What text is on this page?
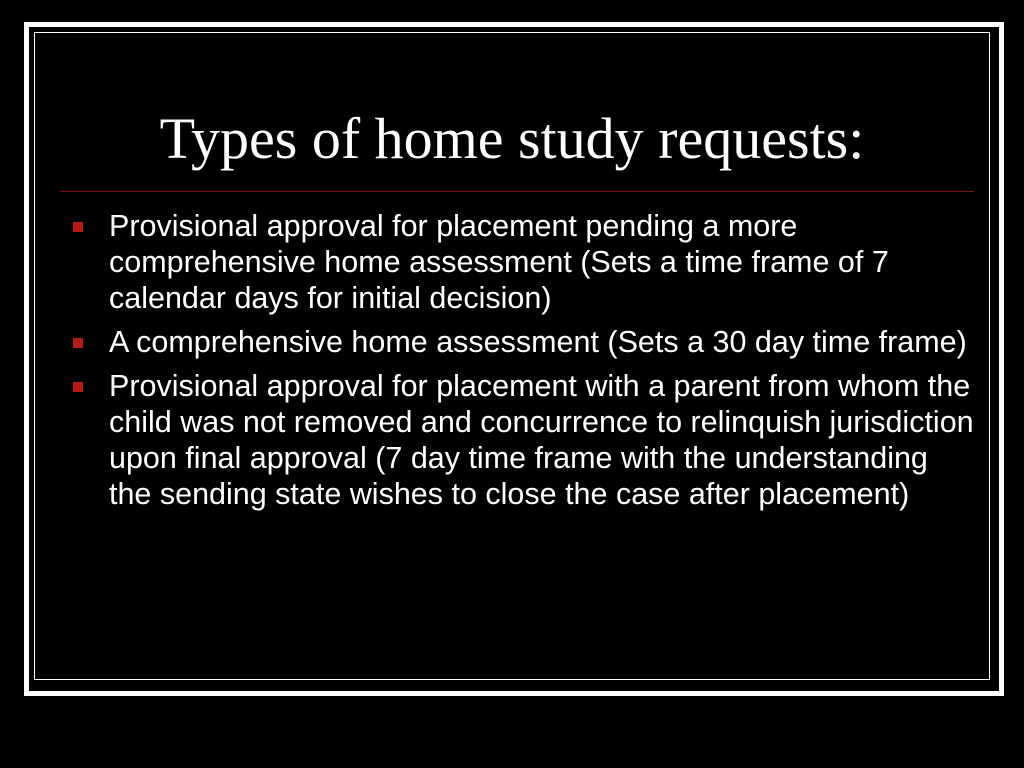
Types of home study requests:
Provisional approval for placement pending a more comprehensive home assessment (Sets a time frame of 7 calendar days for initial decision)
A comprehensive home assessment (Sets a 30 day time frame)
Provisional approval for placement with a parent from whom the child was not removed and concurrence to relinquish jurisdiction upon final approval (7 day time frame with the understanding the sending state wishes to close the case after placement)
